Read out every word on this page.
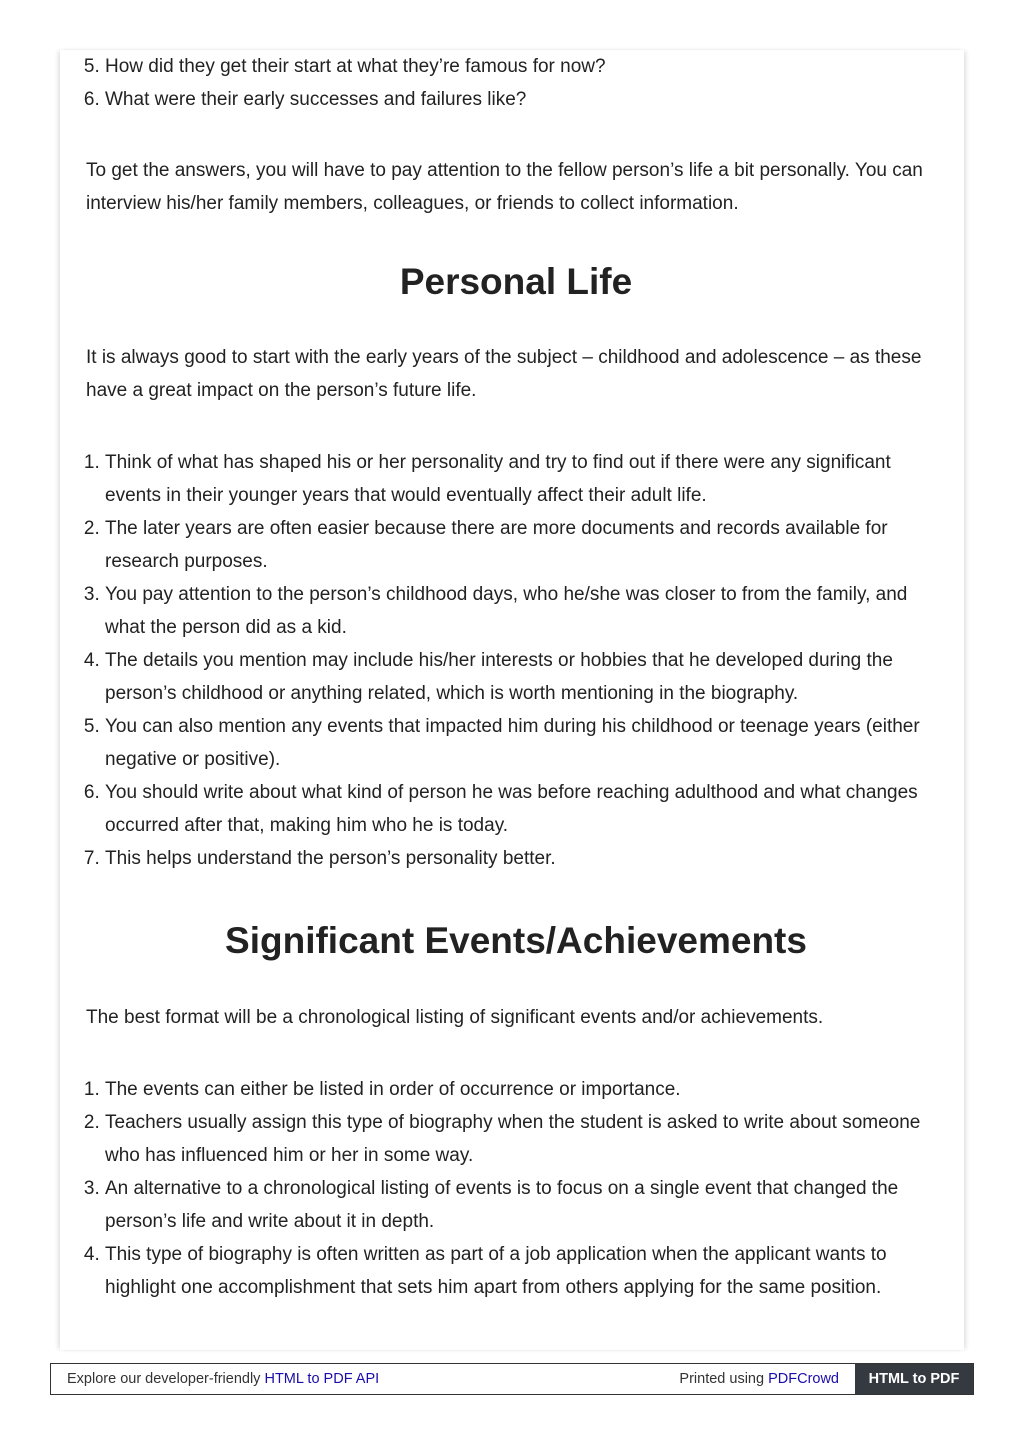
5. How did they get their start at what they’re famous for now?
6. What were their early successes and failures like?

To get the answers, you will have to pay attention to the fellow person’s life a bit personally. You can interview his/her family members, colleagues, or friends to collect information.

Personal Life

It is always good to start with the early years of the subject – childhood and adolescence – as these have a great impact on the person’s future life.

1. Think of what has shaped his or her personality and try to find out if there were any significant events in their younger years that would eventually affect their adult life.
2. The later years are often easier because there are more documents and records available for research purposes.
3. You pay attention to the person’s childhood days, who he/she was closer to from the family, and what the person did as a kid.
4. The details you mention may include his/her interests or hobbies that he developed during the person’s childhood or anything related, which is worth mentioning in the biography.
5. You can also mention any events that impacted him during his childhood or teenage years (either negative or positive).
6. You should write about what kind of person he was before reaching adulthood and what changes occurred after that, making him who he is today.
7. This helps understand the person’s personality better.
Significant Events/Achievements

The best format will be a chronological listing of significant events and/or achievements.

1. The events can either be listed in order of occurrence or importance.
2. Teachers usually assign this type of biography when the student is asked to write about someone who has influenced him or her in some way.
3. An alternative to a chronological listing of events is to focus on a single event that changed the person’s life and write about it in depth.
4. This type of biography is often written as part of a job application when the applicant wants to highlight one accomplishment that sets him apart from others applying for the same position.
Explore our developer-friendly HTML to PDF API	Printed using PDFCrowd	HTML to PDF
